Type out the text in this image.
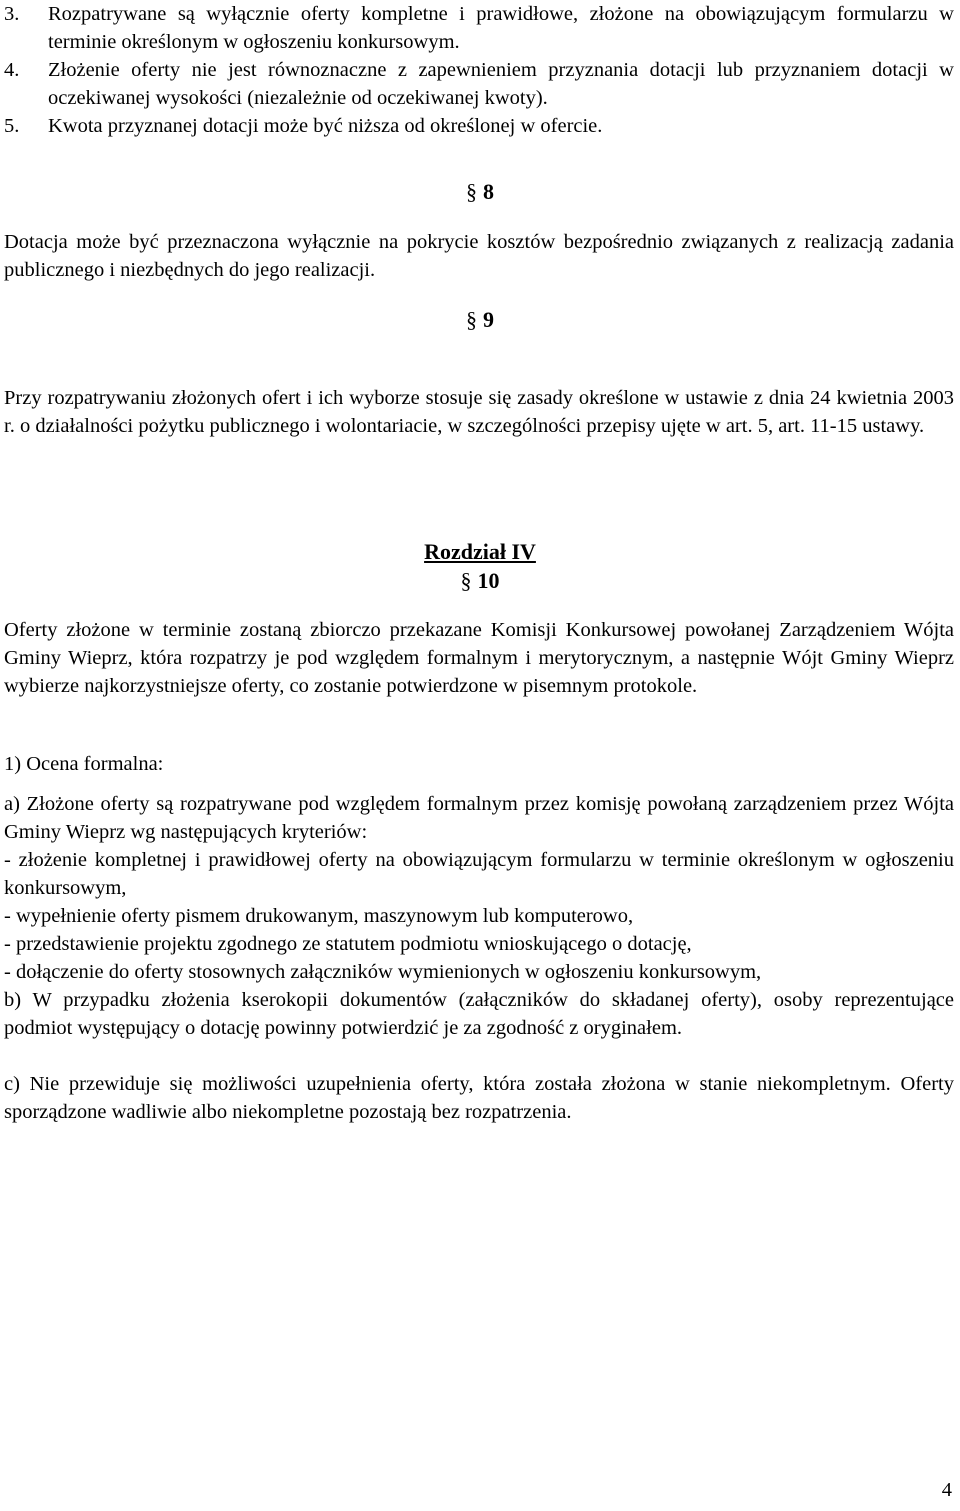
3.	Rozpatrywane są wyłącznie oferty kompletne i prawidłowe, złożone na obowiązującym formularzu w terminie określonym w ogłoszeniu konkursowym.
4.	Złożenie oferty nie jest równoznaczne z zapewnieniem przyznania dotacji lub przyznaniem dotacji w oczekiwanej wysokości (niezależnie od oczekiwanej kwoty).
5.	Kwota przyznanej dotacji może być niższa od określonej w ofercie.

§ 8

Dotacja może być przeznaczona wyłącznie na pokrycie kosztów bezpośrednio związanych z realizacją zadania publicznego i niezbędnych do jego realizacji.

§ 9

Przy rozpatrywaniu złożonych ofert i ich wyborze stosuje się zasady określone w ustawie z dnia 24 kwietnia 2003 r. o działalności pożytku publicznego i wolontariacie, w szczególności przepisy ujęte w art. 5, art. 11-15 ustawy.

Rozdział IV

§ 10

Oferty złożone w terminie zostaną zbiorczo przekazane Komisji Konkursowej powołanej Zarządzeniem Wójta Gminy Wieprz, która rozpatrzy je pod względem formalnym i merytorycznym, a następnie Wójt Gminy Wieprz wybierze najkorzystniejsze oferty, co zostanie potwierdzone w pisemnym protokole.

1) Ocena formalna:

a) Złożone oferty są rozpatrywane pod względem formalnym przez komisję powołaną zarządzeniem przez Wójta Gminy Wieprz wg następujących kryteriów:

- złożenie kompletnej i prawidłowej oferty na obowiązującym formularzu w terminie określonym w ogłoszeniu konkursowym,

- wypełnienie oferty pismem drukowanym, maszynowym lub komputerowo,

- przedstawienie projektu zgodnego ze statutem podmiotu wnioskującego o dotację,

- dołączenie do oferty stosownych załączników wymienionych w ogłoszeniu konkursowym,

b) W przypadku złożenia kserokopii dokumentów (załączników do składanej oferty), osoby reprezentujące podmiot występujący o dotację powinny potwierdzić je za zgodność z oryginałem.

c) Nie przewiduje się możliwości uzupełnienia oferty, która została złożona w stanie niekompletnym. Oferty sporządzone wadliwie albo niekompletne pozostają bez rozpatrzenia.

4
